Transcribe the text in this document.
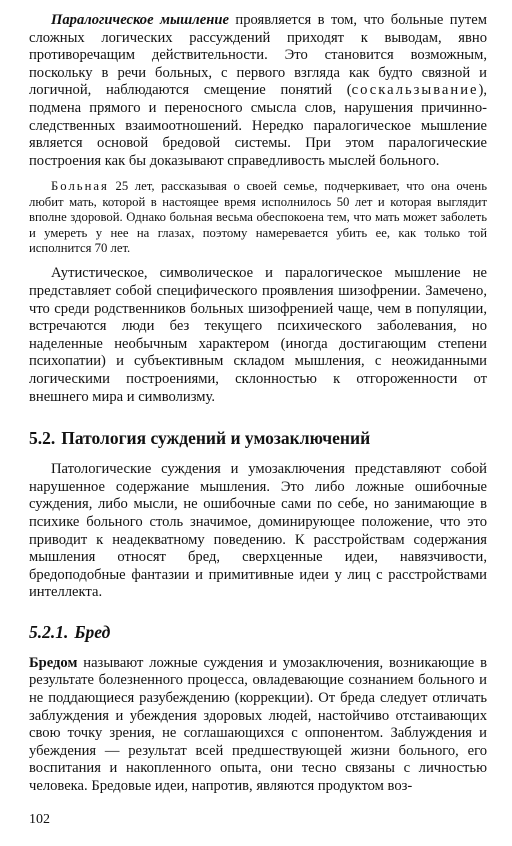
Паралогическое мышление проявляется в том, что больные путем сложных логических рассуждений приходят к выводам, явно противоречащим действительности. Это становится возможным, поскольку в речи больных, с первого взгляда как будто связной и логичной, наблюдаются смещение понятий (соскальзывание), подмена прямого и переносного смысла слов, нарушения причинно-следственных взаимоотношений. Нередко паралогическое мышление является основой бредовой системы. При этом паралогические построения как бы доказывают справедливость мыслей больного.

Больная 25 лет, рассказывая о своей семье, подчеркивает, что она очень любит мать, которой в настоящее время исполнилось 50 лет и которая выглядит вполне здоровой. Однако больная весьма обеспокоена тем, что мать может заболеть и умереть у нее на глазах, поэтому намеревается убить ее, как только той исполнится 70 лет.

Аутистическое, символическое и паралогическое мышление не представляет собой специфического проявления шизофрении. Замечено, что среди родственников больных шизофренией чаще, чем в популяции, встречаются люди без текущего психического заболевания, но наделенные необычным характером (иногда достигающим степени психопатии) и субъективным складом мышления, с неожиданными логическими построениями, склонностью к отгороженности от внешнего мира и символизму.

5.2. Патология суждений и умозаключений

Патологические суждения и умозаключения представляют собой нарушенное содержание мышления. Это либо ложные ошибочные суждения, либо мысли, не ошибочные сами по себе, но занимающие в психике больного столь значимое, доминирующее положение, что это приводит к неадекватному поведению. К расстройствам содержания мышления относят бред, сверхценные идеи, навязчивости, бредоподобные фантазии и примитивные идеи у лиц с расстройствами интеллекта.

5.2.1. Бред

Бредом называют ложные суждения и умозаключения, возникающие в результате болезненного процесса, овладевающие сознанием больного и не поддающиеся разубеждению (коррекции). От бреда следует отличать заблуждения и убеждения здоровых людей, настойчиво отстаивающих свою точку зрения, не соглашающихся с оппонентом. Заблуждения и убеждения — результат всей предшествующей жизни больного, его воспитания и накопленного опыта, они тесно связаны с личностью человека. Бредовые идеи, напротив, являются продуктом воз-

102
